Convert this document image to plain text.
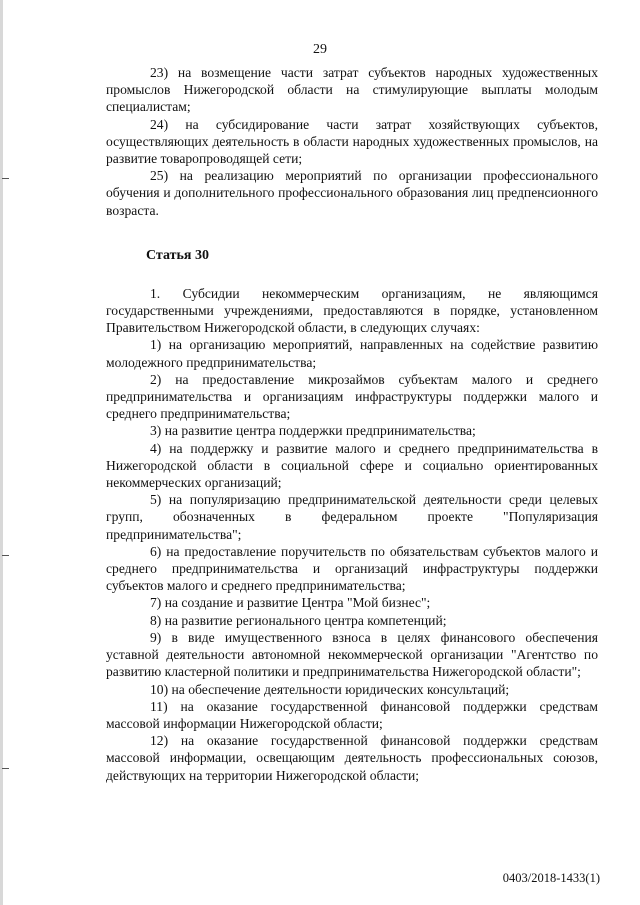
29

23) на возмещение части затрат субъектов народных художественных промыслов Нижегородской области на стимулирующие выплаты молодым специалистам;

24) на субсидирование части затрат хозяйствующих субъектов, осуществляющих деятельность в области народных художественных промыслов, на развитие товаропроводящей сети;

25) на реализацию мероприятий по организации профессионального обучения и дополнительного профессионального образования лиц предпенсионного возраста.

Статья 30

1. Субсидии некоммерческим организациям, не являющимся государственными учреждениями, предоставляются в порядке, установленном Правительством Нижегородской области, в следующих случаях:

1) на организацию мероприятий, направленных на содействие развитию молодежного предпринимательства;

2) на предоставление микрозаймов субъектам малого и среднего предпринимательства и организациям инфраструктуры поддержки малого и среднего предпринимательства;

3) на развитие центра поддержки предпринимательства;

4) на поддержку и развитие малого и среднего предпринимательства в Нижегородской области в социальной сфере и социально ориентированных некоммерческих организаций;

5) на популяризацию предпринимательской деятельности среди целевых групп, обозначенных в федеральном проекте "Популяризация предпринимательства";

6) на предоставление поручительств по обязательствам субъектов малого и среднего предпринимательства и организаций инфраструктуры поддержки субъектов малого и среднего предпринимательства;

7) на создание и развитие Центра "Мой бизнес";

8) на развитие регионального центра компетенций;

9) в виде имущественного взноса в целях финансового обеспечения уставной деятельности автономной некоммерческой организации "Агентство по развитию кластерной политики и предпринимательства Нижегородской области";

10) на обеспечение деятельности юридических консультаций;

11) на оказание государственной финансовой поддержки средствам массовой информации Нижегородской области;

12) на оказание государственной финансовой поддержки средствам массовой информации, освещающим деятельность профессиональных союзов, действующих на территории Нижегородской области;

0403/2018-1433(1)
